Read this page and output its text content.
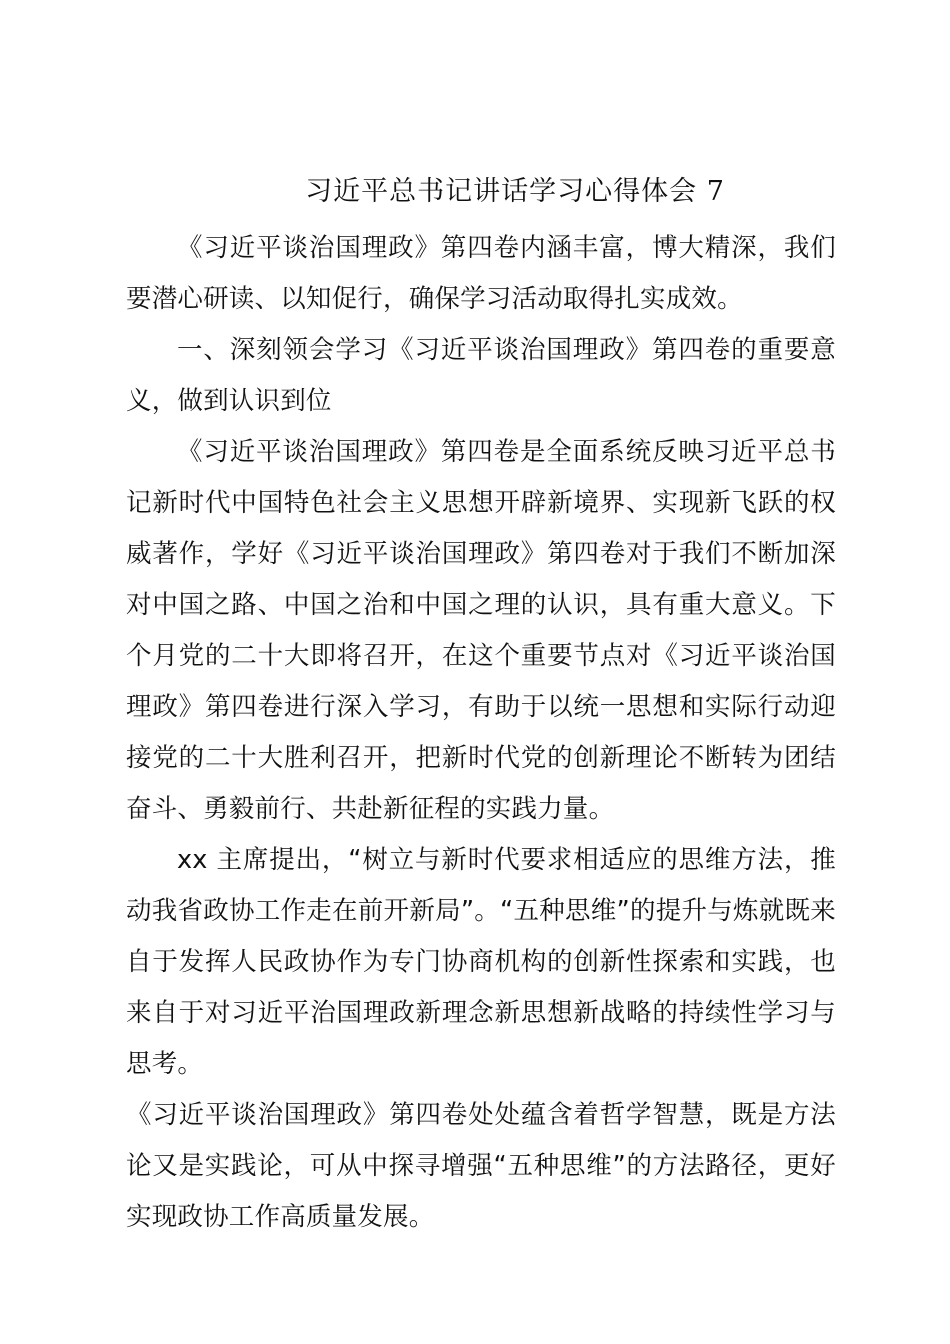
习近平总书记讲话学习心得体会 7

《习近平谈治国理政》第四卷内涵丰富，博大精深，我们要潜心研读、以知促行，确保学习活动取得扎实成效。

一、深刻领会学习《习近平谈治国理政》第四卷的重要意义，做到认识到位

《习近平谈治国理政》第四卷是全面系统反映习近平总书记新时代中国特色社会主义思想开辟新境界、实现新飞跃的权威著作，学好《习近平谈治国理政》第四卷对于我们不断加深对中国之路、中国之治和中国之理的认识，具有重大意义。下个月党的二十大即将召开，在这个重要节点对《习近平谈治国理政》第四卷进行深入学习，有助于以统一思想和实际行动迎接党的二十大胜利召开，把新时代党的创新理论不断转为团结奋斗、勇毅前行、共赴新征程的实践力量。

xx 主席提出，“树立与新时代要求相适应的思维方法，推动我省政协工作走在前开新局”。“五种思维”的提升与炼就既来自于发挥人民政协作为专门协商机构的创新性探索和实践，也来自于对习近平治国理政新理念新思想新战略的持续性学习与思考。

《习近平谈治国理政》第四卷处处蕴含着哲学智慧，既是方法论又是实践论，可从中探寻增强“五种思维”的方法路径，更好实现政协工作高质量发展。
